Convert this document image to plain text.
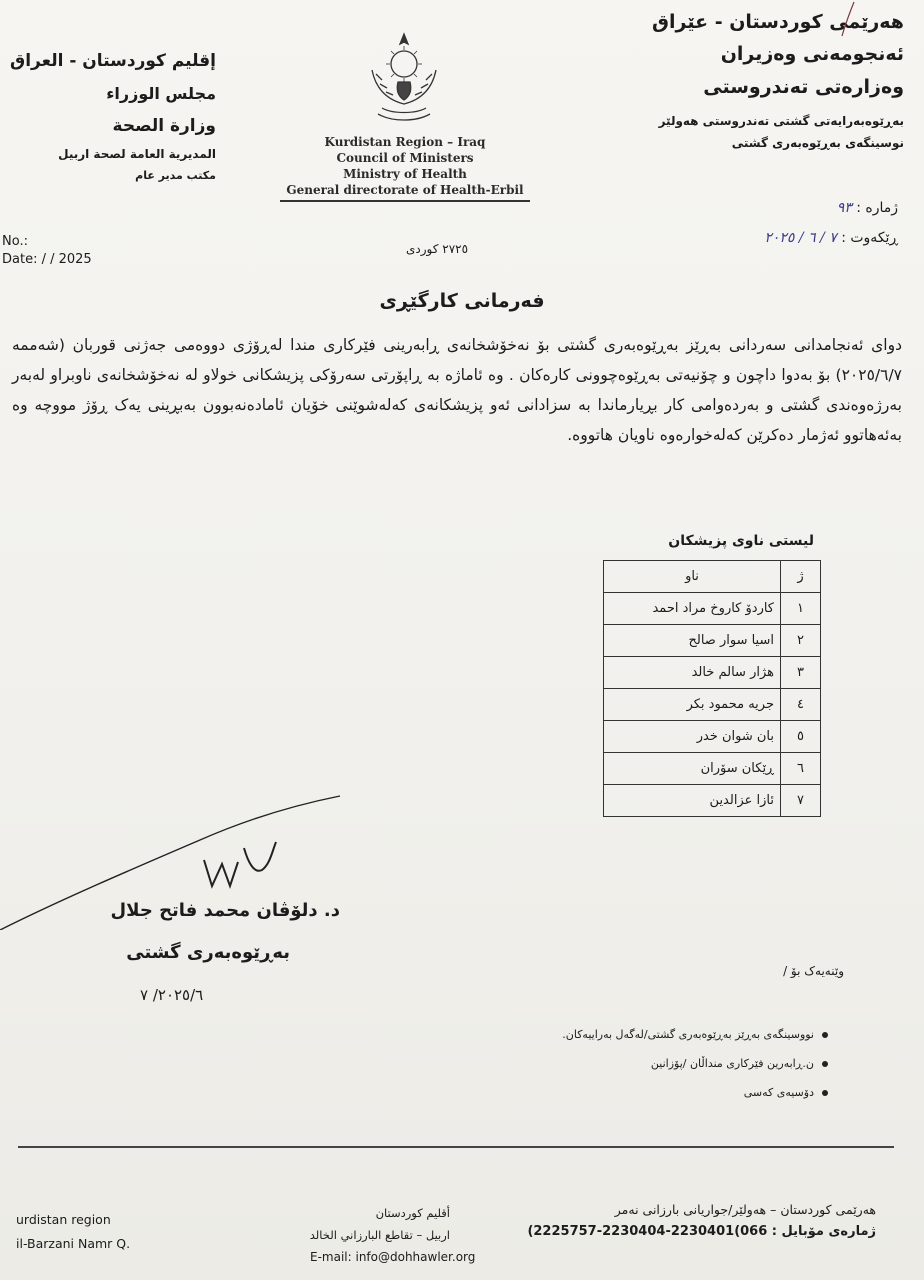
هەرێمی کوردستان - عێراق
ئەنجومەنی وەزیران
وەزارەتی تەندروستی
بەڕێوەبەرایەتی گشتی تەندروستی هەولێر
نوسینگەی بەڕێوەبەری گشتی
إقليم كوردستان - العراق
مجلس الوزراء
وزارة الصحة
المديرية العامة لصحة اربيل
مكتب مدير عام
Kurdistan Region – Iraq
Council of Ministers
Ministry of Health
General directorate of Health-Erbil
No.:
Date: / / 2025
٢٧٢٥ كوردی
ژمارە : ٩٣
ڕێکەوت : ٧ / ٦ / ٢٠٢٥
فەرمانی کارگێڕی
دوای ئەنجامدانی سەردانی بەڕێز بەڕێوەبەری گشتی بۆ نەخۆشخانەی ڕابەرینی فێرکاری مندا لەڕۆژی دووەمی جەژنی قوربان (شەممە ٢٠٢٥/٦/٧) بۆ بەدوا داچون و چۆنیەتی بەڕێوەچوونی کارەکان . وە ئاماژە بە ڕاپۆرتی سەرۆکی پزیشکانی خولاو لە نەخۆشخانەی ناوبراو لەبەر بەرژەوەندی گشتی و بەردەوامی کار بڕیارماندا بە سزادانی ئەو پزیشکانەی کەلەشوێنی خۆیان ئامادەنەبوون بەبڕینی یەک ڕۆژ مووچە وە بەئەهاتوو ئەژمار دەکرێن کەلەخوارەوە ناویان هاتووە.
لیستی ناوی پزیشکان
ژ	ناو
١	کاردۆ کاروخ مراد احمد
٢	اسیا سوار صالح
٣	هژار سالم خالد
٤	جریە محمود بکر
٥	بان شوان خدر
٦	ڕێکان سۆران
٧	ئازا عزالدین
د. دلۆڤان محمد فاتح جلال
بەڕێوەبەری گشتی
٢٠٢٥/٦/ ٧
وێنەیەک بۆ /
نووسینگەی بەڕێز بەڕێوەبەری گشتی/لەگەل بەراییەکان.
ن.ڕابەرین فێرکاری منداڵان /پۆزانین
دۆسیەی کەسی
urdistan region
il-Barzani Namr Q.
أقليم كوردستان
اربيل – تقاطع البارزاني الخالد
E-mail: info@dohhawler.org
هەرێمی کوردستان – هەولێر/جواریانی بارزانی نەمر
ژمارەی مۆبایل : 066)2230401-2230404-2225757)
